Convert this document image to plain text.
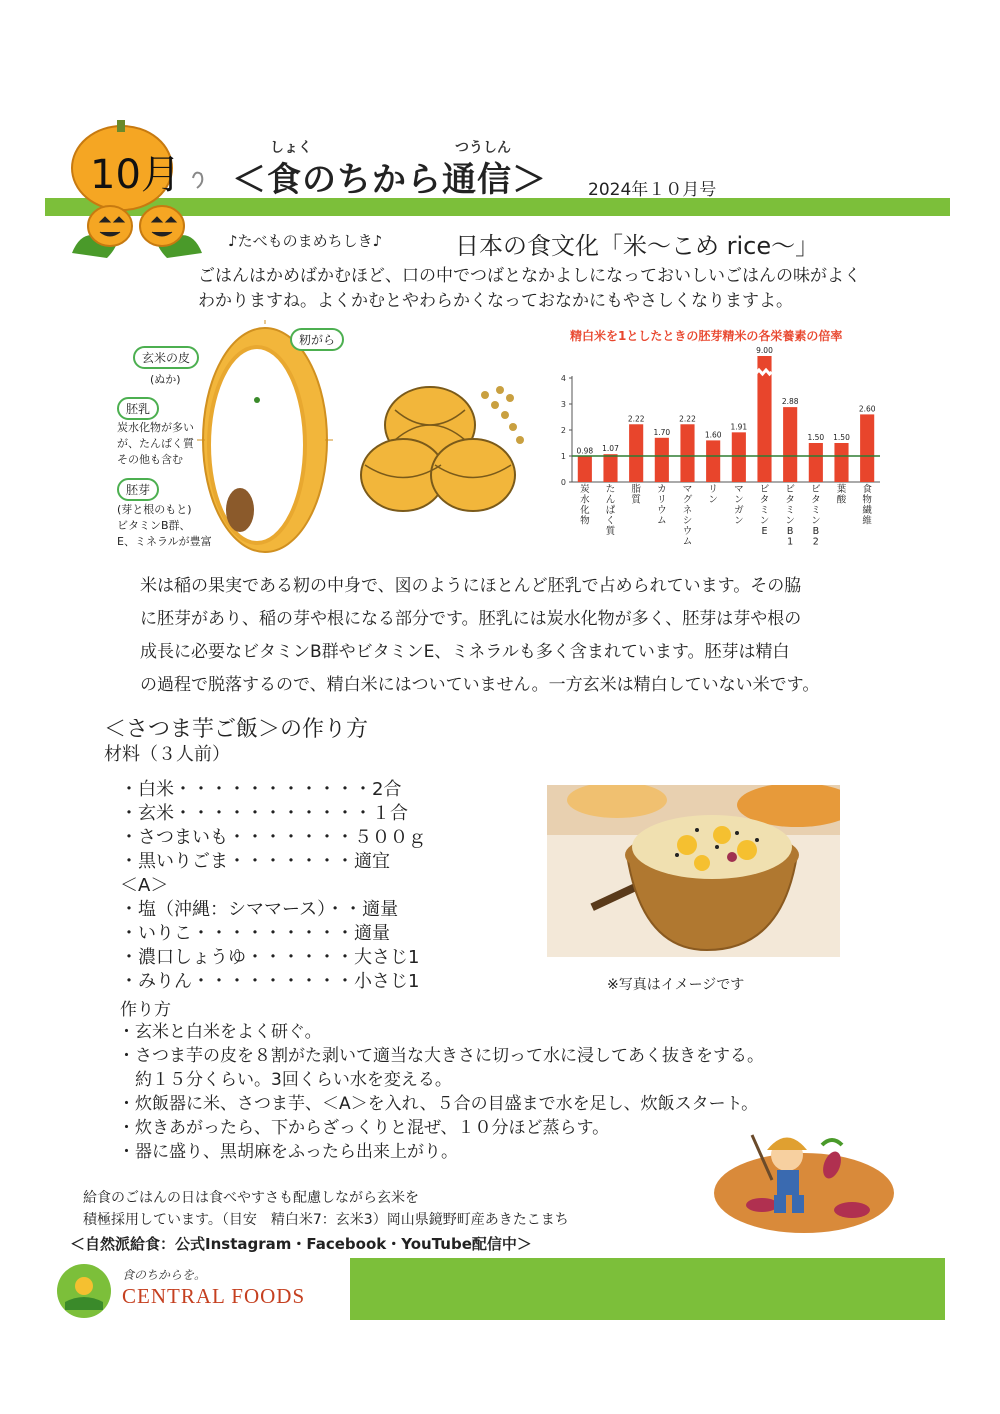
10月
しょく	つうしん
＜食のちから通信＞ 2024年１０月号
♪たべものまめちしき♪	日本の食文化「米～こめ rice～」
ごはんはかめばかむほど、口の中でつばとなかよしになっておいしいごはんの味がよく
わかりますね。よくかむとやわらかくなっておなかにもやさしくなりますよ。
玄米の皮
(ぬか)
籾がら
胚乳
炭水化物が多い
が、たんぱく質
その他も含む
胚芽
(芽と根のもと)
ビタミンB群、
E、ミネラルが豊富
精白米を1としたときの胚芽精米の各栄養素の倍率
0
1
2
3
4
0.98
炭水化物
1.07
たんぱく質
2.22
脂質
1.70
カリウム
2.22
マグネシウム
1.60
リン
1.91
マンガン
9.00
ビタミン E
2.88
ビタミン B 1
1.50
ビタミン B 2
1.50
葉酸
2.60
食物繊維
米は稲の果実である籾の中身で、図のようにほとんど胚乳で占められています。その脇
に胚芽があり、稲の芽や根になる部分です。胚乳には炭水化物が多く、胚芽は芽や根の
成長に必要なビタミンB群やビタミンE、ミネラルも多く含まれています。胚芽は精白
の過程で脱落するので、精白米にはついていません。一方玄米は精白していない米です。
＜さつま芋ご飯＞の作り方
材料（３人前）
・白米・・・・・・・・・・・2合
・玄米・・・・・・・・・・・１合
・さつまいも・・・・・・・５００ｇ
・黒いりごま・・・・・・・適宜
＜A＞
・塩（沖縄：シママース）・・適量
・いりこ・・・・・・・・・適量
・濃口しょうゆ・・・・・・大さじ1
・みりん・・・・・・・・・小さじ1	※写真はイメージです
作り方
・玄米と白米をよく研ぐ。
・さつま芋の皮を８割がた剥いて適当な大きさに切って水に浸してあく抜きをする。
　約１５分くらい。3回くらい水を変える。
・炊飯器に米、さつま芋、＜A＞を入れ、５合の目盛まで水を足し、炊飯スタート。
・炊きあがったら、下からざっくりと混ぜ、１０分ほど蒸らす。
・器に盛り、黒胡麻をふったら出来上がり。
給食のごはんの日は食べやすさも配慮しながら玄米を
積極採用しています。（目安　精白米7：玄米3）岡山県鏡野町産あきたこまち
＜自然派給食：公式Instagram・Facebook・YouTube配信中＞
食のちからを。
CENTRAL FOODS
